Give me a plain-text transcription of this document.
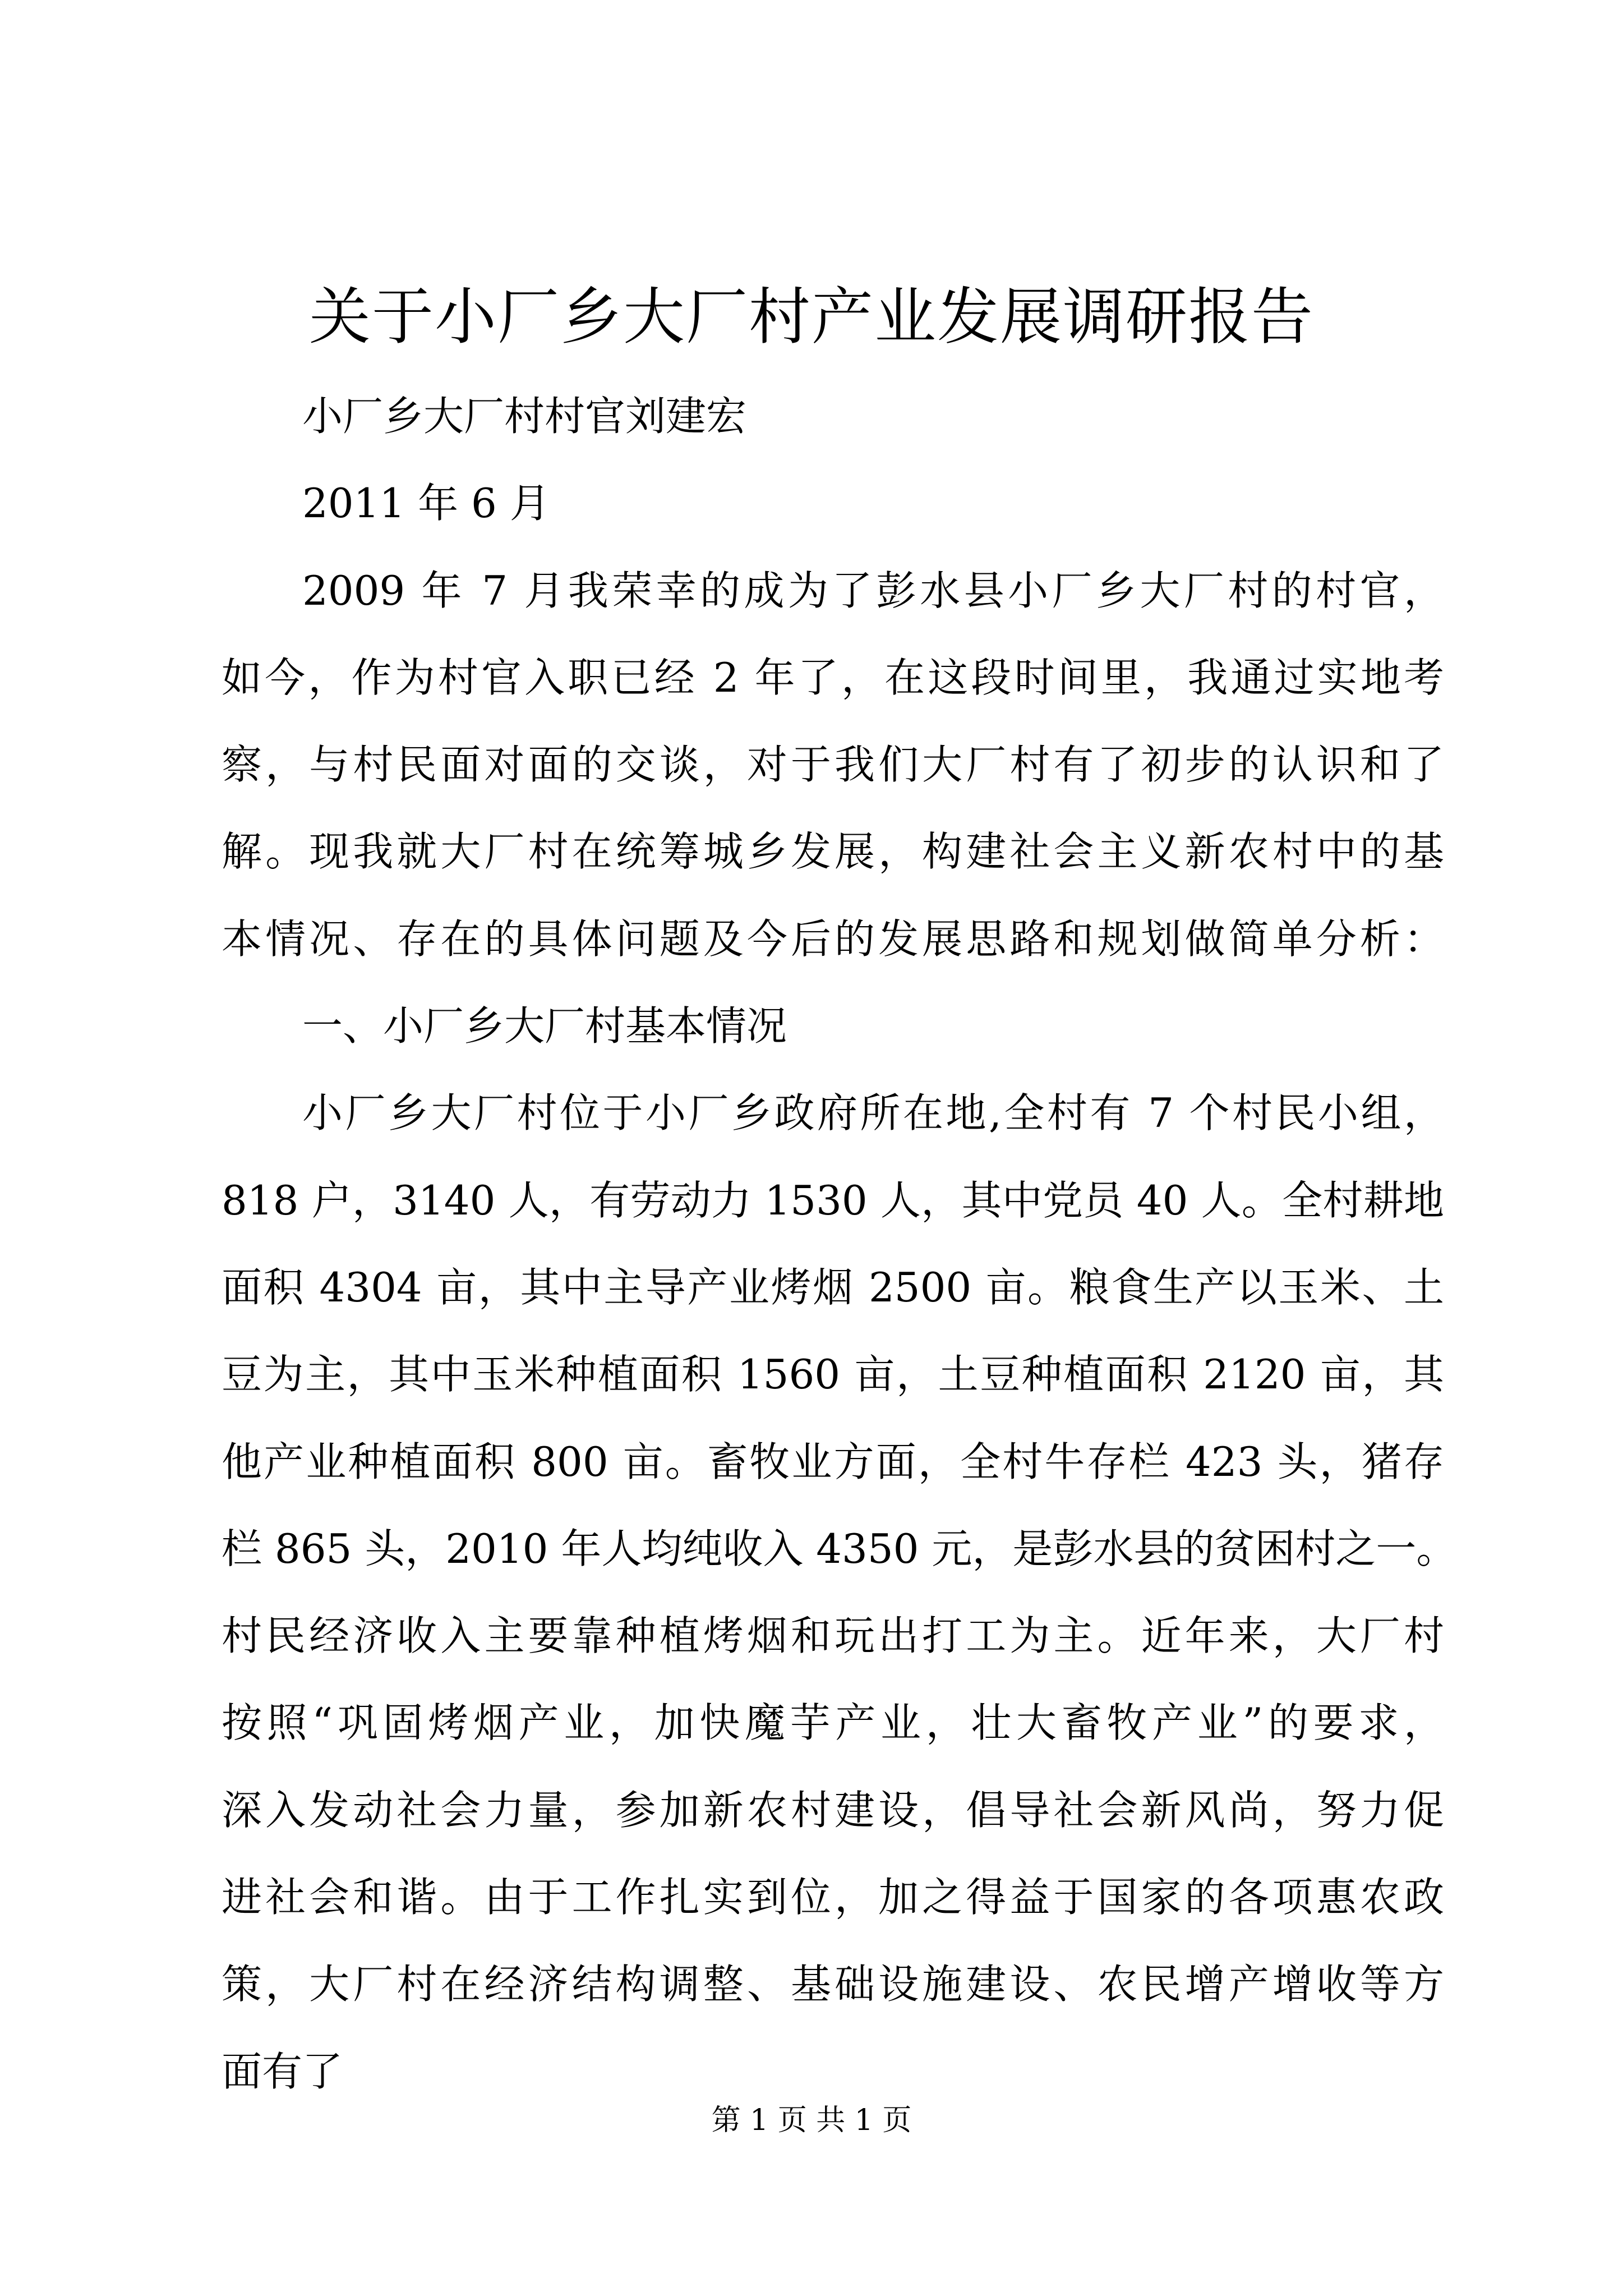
关于小厂乡大厂村产业发展调研报告
小厂乡大厂村村官刘建宏
2011 年 6 月
2009 年 7 月我荣幸的成为了彭水县小厂乡大厂村的村官，
如今，作为村官入职已经 2 年了，在这段时间里，我通过实地考
察，与村民面对面的交谈，对于我们大厂村有了初步的认识和了
解。现我就大厂村在统筹城乡发展，构建社会主义新农村中的基
本情况、存在的具体问题及今后的发展思路和规划做简单分析：
一、小厂乡大厂村基本情况
小厂乡大厂村位于小厂乡政府所在地,全村有 7 个村民小组，
818 户，3140 人，有劳动力 1530 人，其中党员 40 人。全村耕地
面积 4304 亩，其中主导产业烤烟 2500 亩。粮食生产以玉米、土
豆为主，其中玉米种植面积 1560 亩，土豆种植面积 2120 亩，其
他产业种植面积 800 亩。畜牧业方面，全村牛存栏 423 头，猪存
栏 865 头，2010 年人均纯收入 4350 元，是彭水县的贫困村之一。
村民经济收入主要靠种植烤烟和玩出打工为主。近年来，大厂村
按照“巩固烤烟产业，加快魔芋产业，壮大畜牧产业”的要求，
深入发动社会力量，参加新农村建设，倡导社会新风尚，努力促
进社会和谐。由于工作扎实到位，加之得益于国家的各项惠农政
策，大厂村在经济结构调整、基础设施建设、农民增产增收等方
面有了
第 1 页 共 1 页
